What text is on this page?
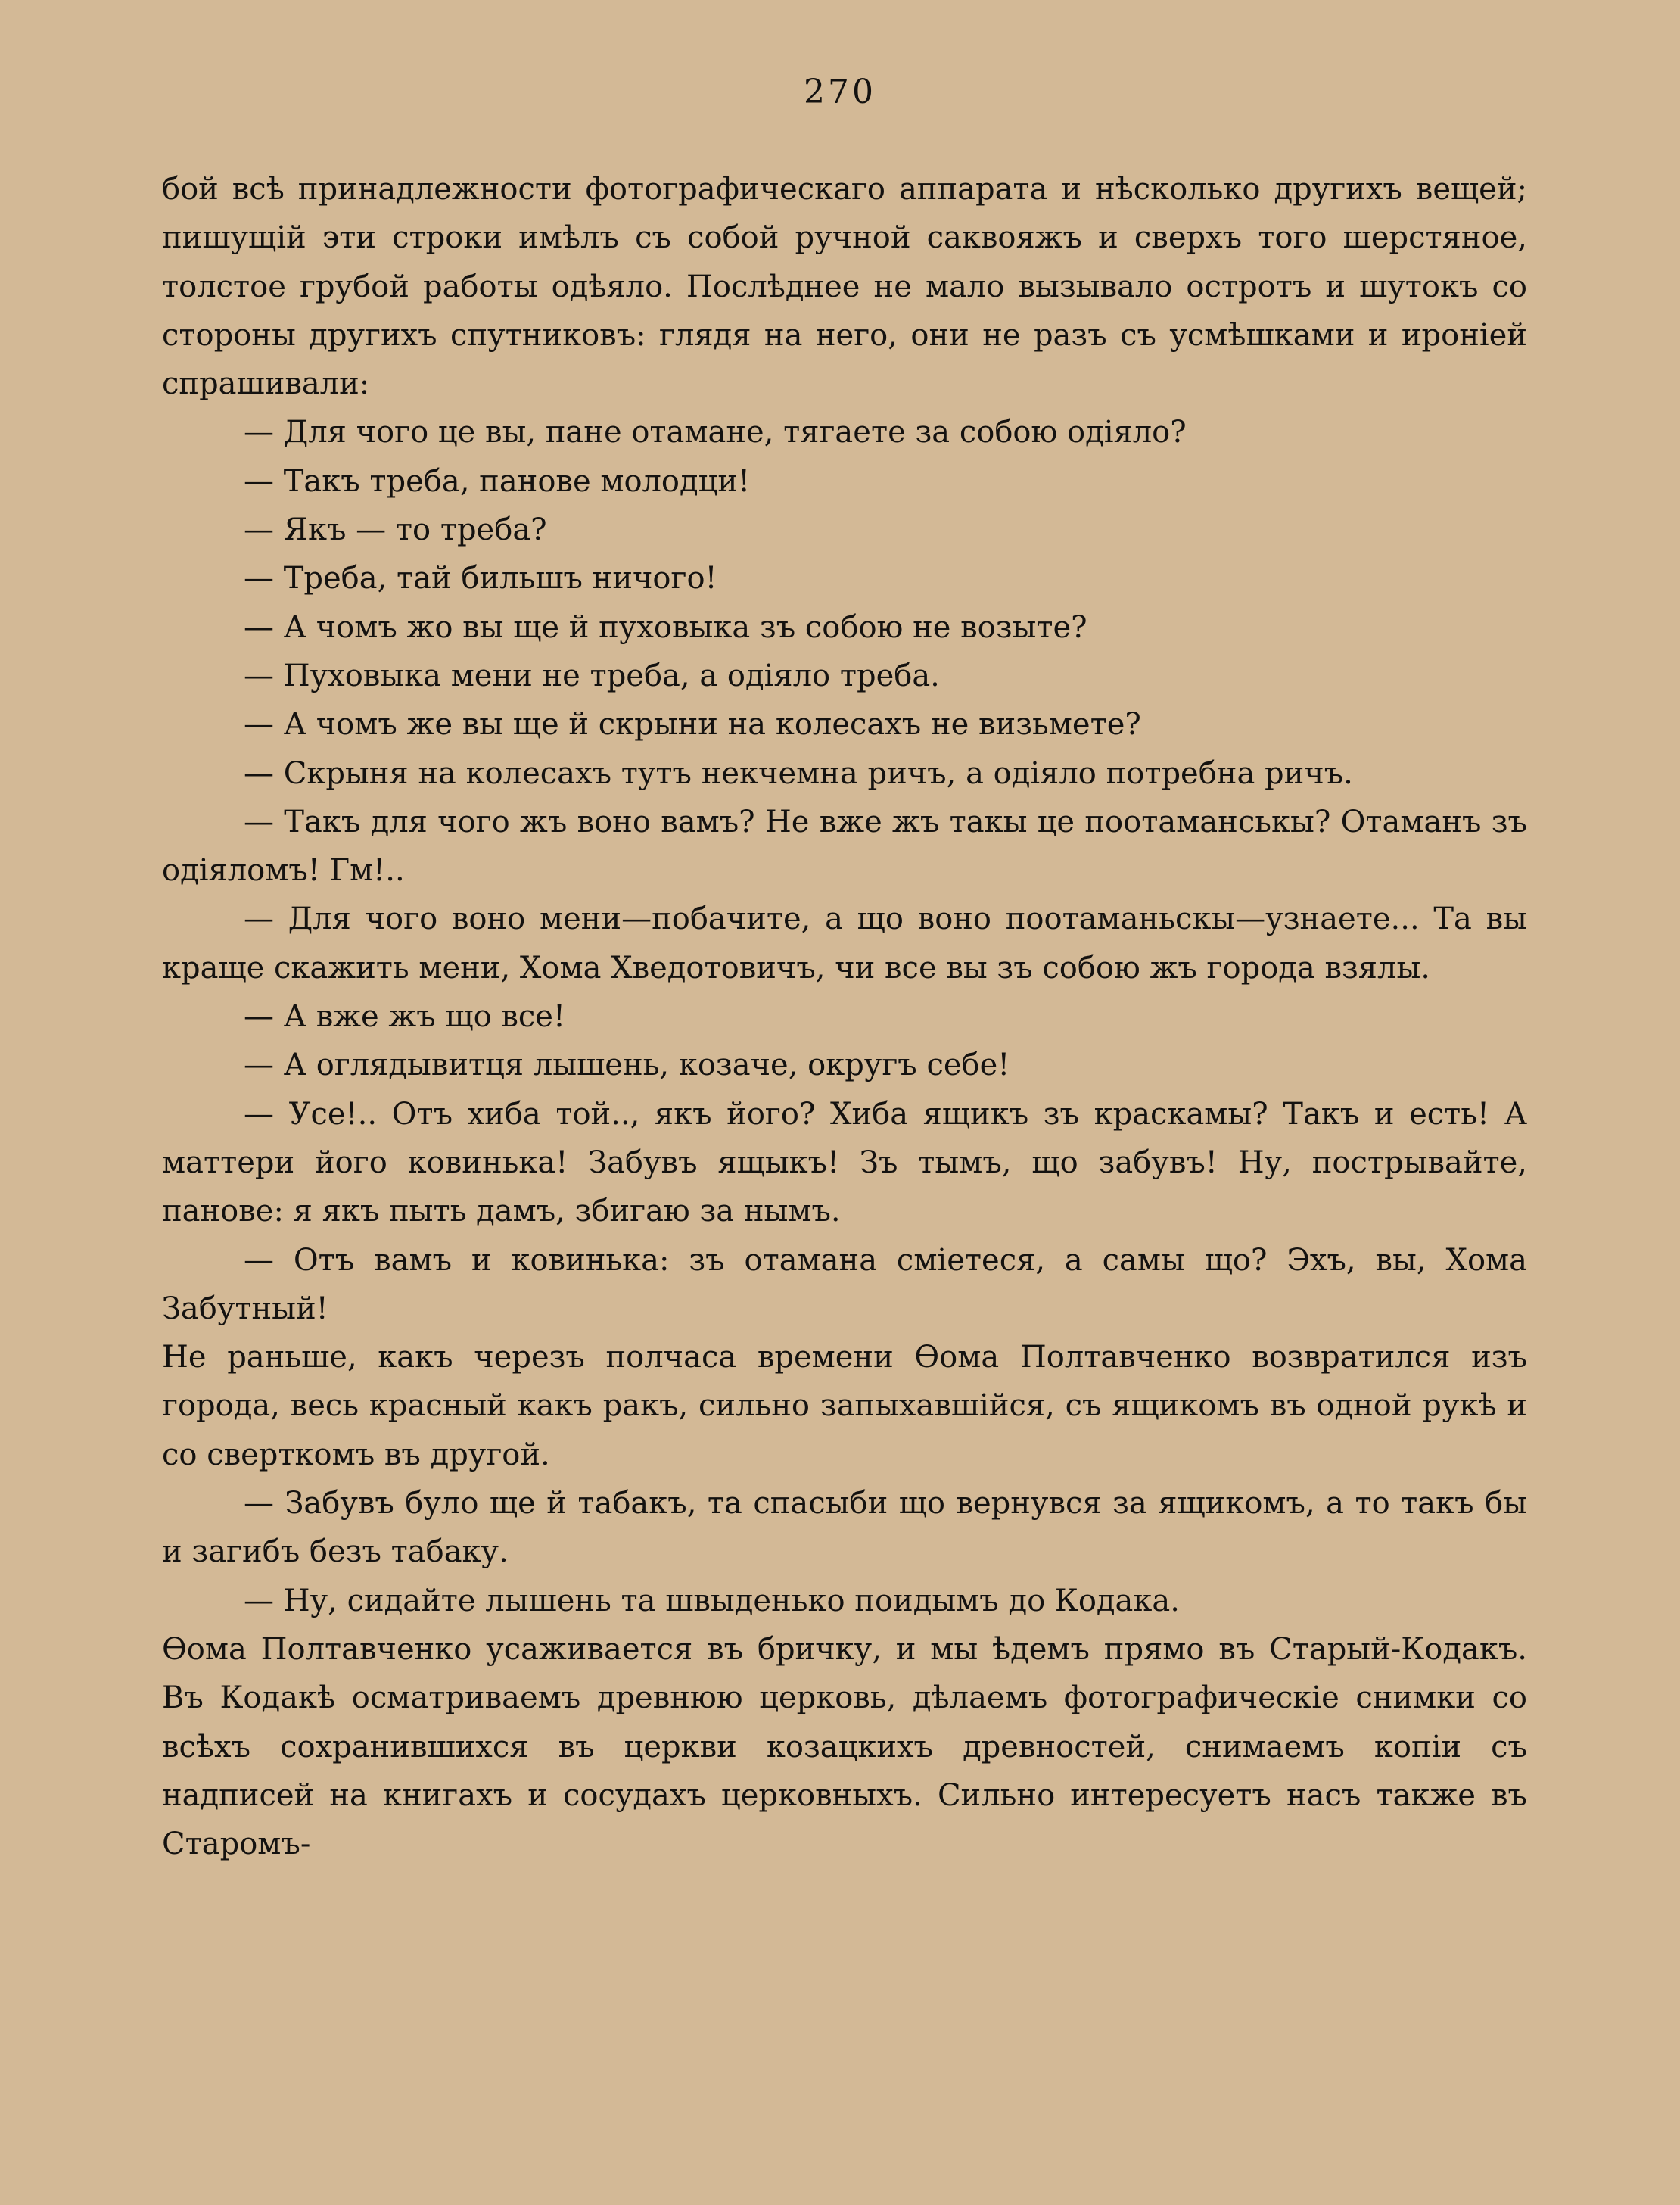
270

бой всѣ принадлежности фотографическаго аппарата и нѣсколько другихъ вещей; пишущій эти строки имѣлъ съ собой ручной саквояжъ и сверхъ того шерстяное, толстое грубой работы одѣяло. Послѣднее не мало вызывало остротъ и шутокъ со стороны другихъ спутниковъ: глядя на него, они не разъ съ усмѣшками и ироніей спрашивали:

— Для чого це вы, пане отамане, тягаете за собою одіяло?

— Такъ треба, панове молодци!

— Якъ — то треба?

— Треба, тай бильшъ ничого!

— А чомъ жо вы ще й пуховыка зъ собою не возыте?

— Пуховыка мени не треба, а одіяло треба.

— А чомъ же вы ще й скрыни на колесахъ не визьмете?

— Скрыня на колесахъ тутъ некчемна ричъ, а одіяло потребна ричъ.

— Такъ для чого жъ воно вамъ? Не вже жъ такы це поотаманськы? Отаманъ зъ одіяломъ! Гм!..

— Для чого воно мени—побачите, а що воно поотаманьскы—узнаете... Та вы краще скажить мени, Хома Хведотовичъ, чи все вы зъ собою жъ города взялы.

— А вже жъ що все!

— А оглядывитця лышень, козаче, округъ себе!

— Усе!.. Отъ хиба той.., якъ його? Хиба ящикъ зъ краскамы? Такъ и есть! А маттери його ковинька! Забувъ ящыкъ! Зъ тымъ, що забувъ! Ну, пострывайте, панове: я якъ пыть дамъ, збигаю за нымъ.

— Отъ вамъ и ковинька: зъ отамана сміетеся, а самы що? Эхъ, вы, Хома Забутный!

Не раньше, какъ черезъ полчаса времени Ѳома Полтавченко возвратился изъ города, весь красный какъ ракъ, сильно запыхавшійся, съ ящикомъ въ одной рукѣ и со сверткомъ въ другой.

— Забувъ було ще й табакъ, та спасыби що вернувся за ящикомъ, а то такъ бы и загибъ безъ табаку.

— Ну, сидайте лышень та швыденько поидымъ до Кодака.

Ѳома Полтавченко усаживается въ бричку, и мы ѣдемъ прямо въ Старый-Кодакъ. Въ Кодакѣ осматриваемъ древнюю церковь, дѣлаемъ фотографическіе снимки со всѣхъ сохранившихся въ церкви козацкихъ древностей, снимаемъ копіи съ надписей на книгахъ и сосудахъ церковныхъ. Сильно интересуетъ насъ также въ Старомъ-
